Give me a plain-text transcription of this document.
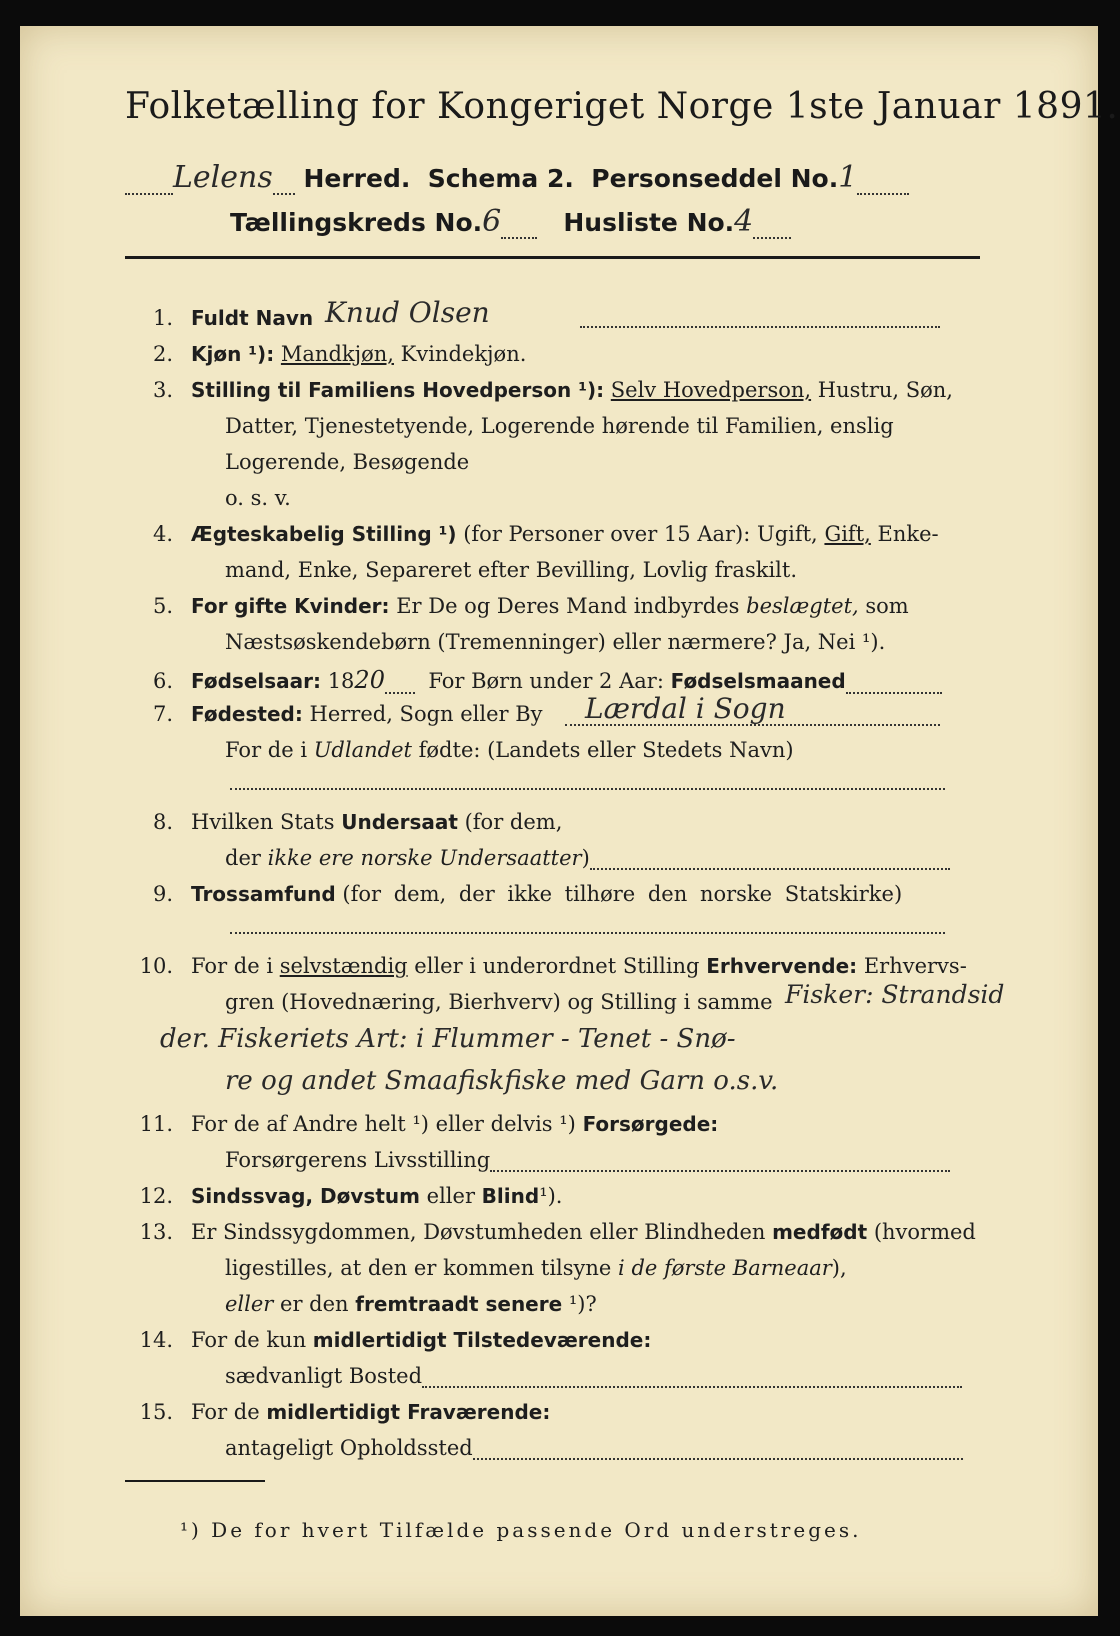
Folketælling for Kongeriget Norge 1ste Januar 1891.
Lelens Herred. Schema 2. Personseddel No.1
Tællingskreds No.6 Husliste No.4
1. Fuldt Navn Knud Olsen
2. Kjøn ¹): Mandkjøn, Kvindekjøn.
3. Stilling til Familiens Hovedperson ¹): Selv Hovedperson, Hustru, Søn,
Datter, Tjenestetyende, Logerende hørende til Familien, enslig
Logerende, Besøgende
o. s. v.
4. Ægteskabelig Stilling ¹) (for Personer over 15 Aar): Ugift, Gift, Enke-
mand, Enke, Separeret efter Bevilling, Lovlig fraskilt.
5. For gifte Kvinder: Er De og Deres Mand indbyrdes beslægtet, som
Næstsøskendebørn (Tremenninger) eller nærmere? Ja, Nei ¹).
6. Fødselsaar: 1820 For Børn under 2 Aar: Fødselsmaaned
7. Fødested: Herred, Sogn eller By Lærdal i Sogn
For de i Udlandet fødte: (Landets eller Stedets Navn)
8. Hvilken Stats Undersaat (for dem,
der ikke ere norske Undersaatter)
9. Trossamfund (for dem, der ikke tilhøre den norske Statskirke)
10. For de i selvstændig eller i underordnet Stilling Erhvervende: Erhvervs-
gren (Hovednæring, Bierhverv) og Stilling i samme Fisker: Strandsid
der. Fiskeriets Art: i Flummer - Tenet - Snø-
re og andet Smaafiskfiske med Garn o.s.v.
11. For de af Andre helt ¹) eller delvis ¹) Forsørgede:
Forsørgerens Livsstilling
12. Sindssvag, Døvstum eller Blind¹).
13. Er Sindssygdommen, Døvstumheden eller Blindheden medfødt (hvormed
ligestilles, at den er kommen tilsyne i de første Barneaar),
eller er den fremtraadt senere ¹)?
14. For de kun midlertidigt Tilstedeværende:
sædvanligt Bosted
15. For de midlertidigt Fraværende:
antageligt Opholdssted
¹) De for hvert Tilfælde passende Ord understreges.
